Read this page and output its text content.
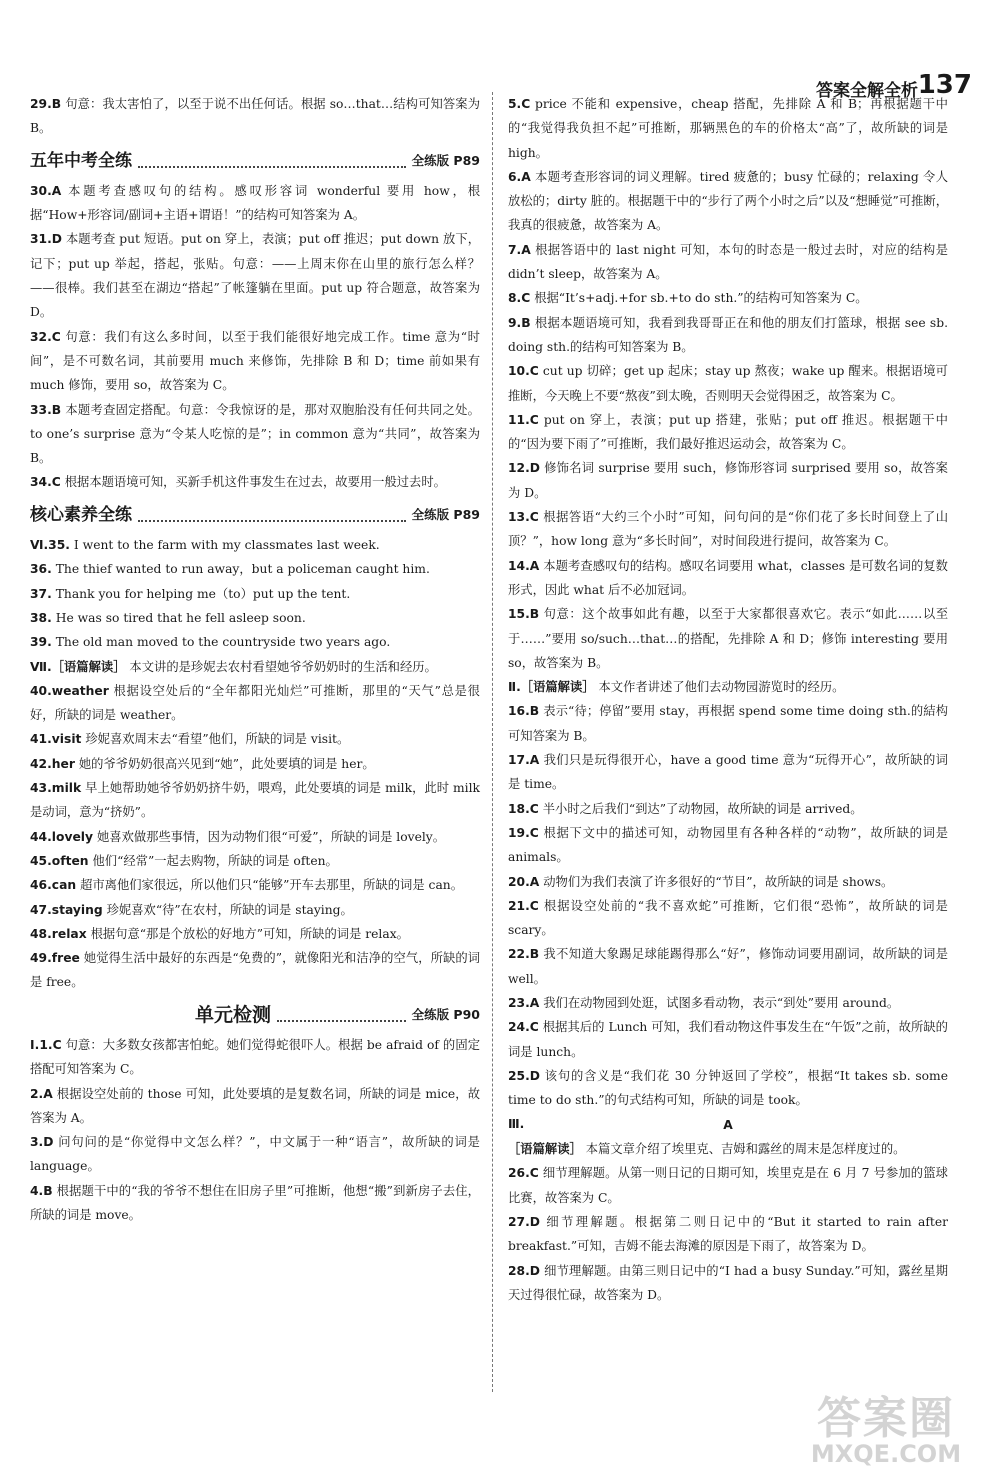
答案全解全析 137
29.B 句意：我太害怕了，以至于说不出任何话。根据 so…that…结构可知答案为 B。
五年中考全练	全练版 P89
30.A 本题考查感叹句的结构。感叹形容词 wonderful 要用 how，根据“How+形容词/副词+主语+谓语！”的结构可知答案为 A。
31.D 本题考查 put 短语。put on 穿上，表演；put off 推迟；put down 放下，记下；put up 举起，搭起，张贴。句意：——上周末你在山里的旅行怎么样？——很棒。我们甚至在湖边“搭起”了帐篷躺在里面。put up 符合题意，故答案为 D。
32.C 句意：我们有这么多时间，以至于我们能很好地完成工作。time 意为“时间”，是不可数名词，其前要用 much 来修饰，先排除 B 和 D；time 前如果有 much 修饰，要用 so，故答案为 C。
33.B 本题考查固定搭配。句意：令我惊讶的是，那对双胞胎没有任何共同之处。to one’s surprise 意为“令某人吃惊的是”；in common 意为“共同”，故答案为 B。
34.C 根据本题语境可知，买新手机这件事发生在过去，故要用一般过去时。
核心素养全练	全练版 P89
Ⅵ.35. I went to the farm with my classmates last week.
36. The thief wanted to run away，but a policeman caught him.
37. Thank you for helping me（to）put up the tent.
38. He was so tired that he fell asleep soon.
39. The old man moved to the countryside two years ago.
Ⅶ.［语篇解读］ 本文讲的是珍妮去农村看望她爷爷奶奶时的生活和经历。
40.weather 根据设空处后的“全年都阳光灿烂”可推断，那里的“天气”总是很好，所缺的词是 weather。
41.visit 珍妮喜欢周末去“看望”他们，所缺的词是 visit。
42.her 她的爷爷奶奶很高兴见到“她”，此处要填的词是 her。
43.milk 早上她帮助她爷爷奶奶挤牛奶，喂鸡，此处要填的词是 milk，此时 milk 是动词，意为“挤奶”。
44.lovely 她喜欢做那些事情，因为动物们很“可爱”，所缺的词是 lovely。
45.often 他们“经常”一起去购物，所缺的词是 often。
46.can 超市离他们家很远，所以他们只“能够”开车去那里，所缺的词是 can。
47.staying 珍妮喜欢“待”在农村，所缺的词是 staying。
48.relax 根据句意“那是个放松的好地方”可知，所缺的词是 relax。
49.free 她觉得生活中最好的东西是“免费的”，就像阳光和洁净的空气，所缺的词是 free。
单元检测	全练版 P90
Ⅰ.1.C 句意：大多数女孩都害怕蛇。她们觉得蛇很吓人。根据 be afraid of 的固定搭配可知答案为 C。
2.A 根据设空处前的 those 可知，此处要填的是复数名词，所缺的词是 mice，故答案为 A。
3.D 问句问的是“你觉得中文怎么样？”，中文属于一种“语言”，故所缺的词是 language。
4.B 根据题干中的“我的爷爷不想住在旧房子里”可推断，他想“搬”到新房子去住，所缺的词是 move。
5.C price 不能和 expensive，cheap 搭配，先排除 A 和 B；再根据题干中的“我觉得我负担不起”可推断，那辆黑色的车的价格太“高”了，故所缺的词是 high。
6.A 本题考查形容词的词义理解。tired 疲惫的；busy 忙碌的；relaxing 令人放松的；dirty 脏的。根据题干中的“步行了两个小时之后”以及“想睡觉”可推断，我真的很疲惫，故答案为 A。
7.A 根据答语中的 last night 可知，本句的时态是一般过去时，对应的结构是 didn’t sleep，故答案为 A。
8.C 根据“It’s+adj.+for sb.+to do sth.”的结构可知答案为 C。
9.B 根据本题语境可知，我看到我哥哥正在和他的朋友们打篮球，根据 see sb. doing sth.的结构可知答案为 B。
10.C cut up 切碎；get up 起床；stay up 熬夜；wake up 醒来。根据语境可推断，今天晚上不要“熬夜”到太晚，否则明天会觉得困乏，故答案为 C。
11.C put on 穿上，表演；put up 搭建，张贴；put off 推迟。根据题干中的“因为要下雨了”可推断，我们最好推迟运动会，故答案为 C。
12.D 修饰名词 surprise 要用 such，修饰形容词 surprised 要用 so，故答案为 D。
13.C 根据答语“大约三个小时”可知，问句问的是“你们花了多长时间登上了山顶？”，how long 意为“多长时间”，对时间段进行提问，故答案为 C。
14.A 本题考查感叹句的结构。感叹名词要用 what，classes 是可数名词的复数形式，因此 what 后不必加冠词。
15.B 句意：这个故事如此有趣，以至于大家都很喜欢它。表示“如此……以至于……”要用 so/such…that…的搭配，先排除 A 和 D；修饰 interesting 要用 so，故答案为 B。
Ⅱ.［语篇解读］ 本文作者讲述了他们去动物园游览时的经历。
16.B 表示“待；停留”要用 stay，再根据 spend some time doing sth.的結构可知答案为 B。
17.A 我们只是玩得很开心，have a good time 意为“玩得开心”，故所缺的词是 time。
18.C 半小时之后我们“到达”了动物园，故所缺的词是 arrived。
19.C 根据下文中的描述可知，动物园里有各种各样的“动物”，故所缺的词是 animals。
20.A 动物们为我们表演了许多很好的“节目”，故所缺的词是 shows。
21.C 根据设空处前的“我不喜欢蛇”可推断，它们很“恐怖”，故所缺的词是 scary。
22.B 我不知道大象踢足球能踢得那么“好”，修饰动词要用副词，故所缺的词是 well。
23.A 我们在动物园到处逛，试图多看动物，表示“到处”要用 around。
24.C 根据其后的 Lunch 可知，我们看动物这件事发生在“午饭”之前，故所缺的词是 lunch。
25.D 该句的含义是“我们花 30 分钟返回了学校”，根据“It takes sb. some time to do sth.”的句式结构可知，所缺的词是 took。
Ⅲ.	A
［语篇解读］ 本篇文章介绍了埃里克、吉姆和露丝的周末是怎样度过的。
26.C 细节理解题。从第一则日记的日期可知，埃里克是在 6 月 7 号参加的篮球比赛，故答案为 C。
27.D 细节理解题。根据第二则日记中的“But it started to rain after breakfast.”可知，吉姆不能去海滩的原因是下雨了，故答案为 D。
28.D 细节理解题。由第三则日记中的“I had a busy Sunday.”可知，露丝星期天过得很忙碌，故答案为 D。
答案圈
MXQE.COM
